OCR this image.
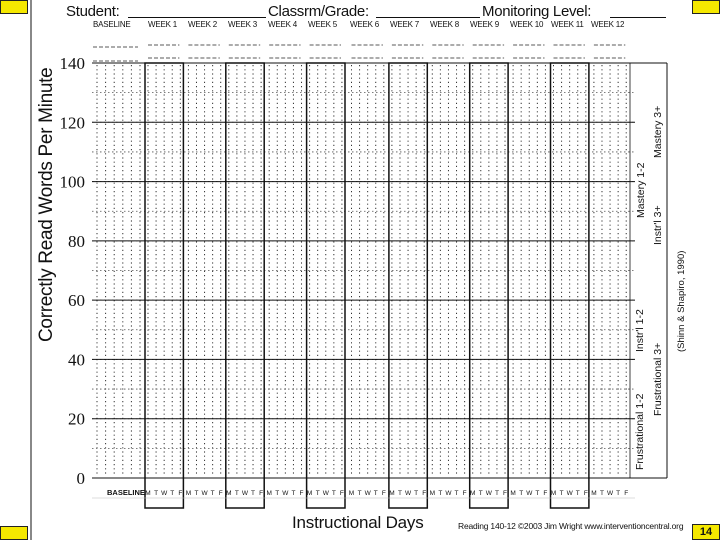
Student:	Classrm/Grade:	Monitoring Level:
BASELINE WEEK 1 WEEK 2 WEEK 3 WEEK 4 WEEK 5 WEEK 6 WEEK 7 WEEK 8 WEEK 9 WEEK 10 WEEK 11 WEEK 12
0
20
40
60
80
100
120
140
BASELINE M T W T F M T W T F M T W T F M T W T F M T W T F M T W T F M T W T F M T W T F M T W T F M T W T F M T W T F M T W T F
Correctly Read Words Per Minute	Mastery 3+
Mastery 1-2
Instr'l 3+
(Shinn & Shapiro, 1990)
Instr'l 1-2
Frustrational 3+
Frustrational 1-2
Instructional Days	Reading 140-12 ©2003 Jim Wright www.interventioncentral.org	14
